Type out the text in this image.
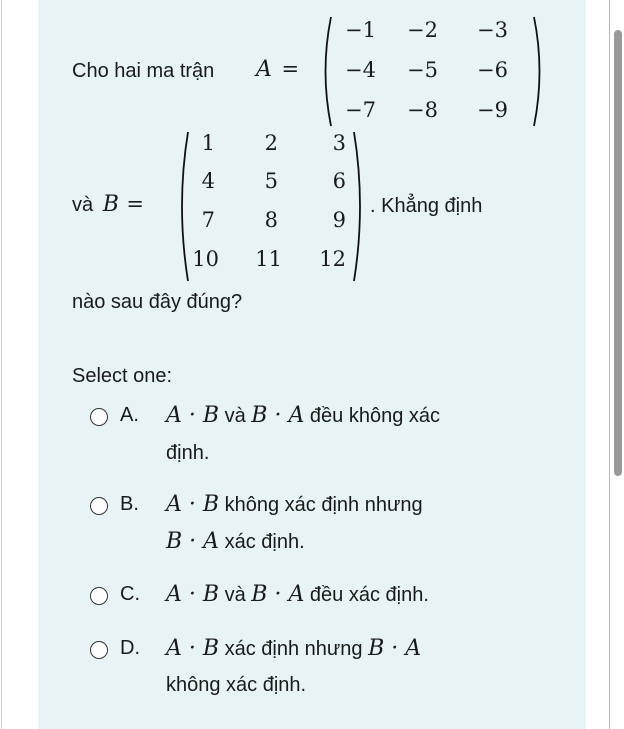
Cho hai ma trận A =
−1	−2	−3
−4	−5	−6
−7	−8	−9
và B =
1	2	3
4	5	6
7	8	9
10	11	12
. Khẳng định
nào sau đây đúng?
Select one:
A. A · B và B · A đều không xác
định.
B. A · B không xác định nhưng
B · A xác định.
C. A · B và B · A đều xác định.
D. A · B xác định nhưng B · A
không xác định.
